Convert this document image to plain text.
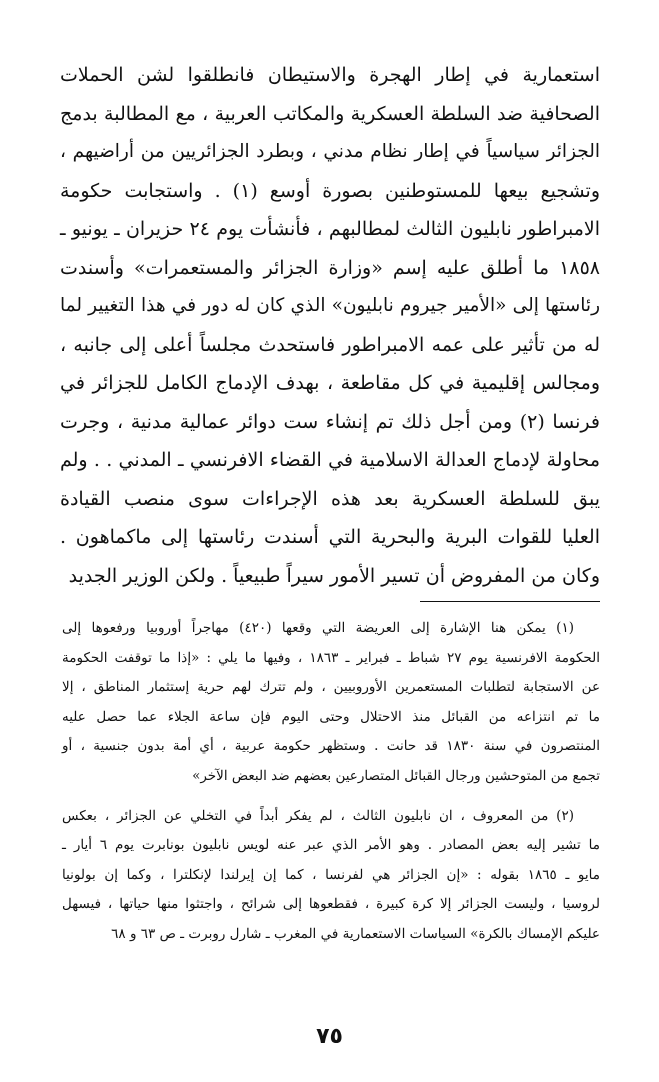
استعمارية في إطار الهجرة والاستيطان فانطلقوا لشن الحملات
الصحافية ضد السلطة العسكرية والمكاتب العربية ، مع المطالبة بدمج
الجزائر سياسياً في إطار نظام مدني ، وبطرد الجزائريين من أراضيهم ،
وتشجيع بيعها للمستوطنين بصورة أوسع (١) . واستجابت حكومة
الامبراطور نابليون الثالث لمطالبهم ، فأنشأت يوم ٢٤ حزيران ـ يونيو ـ
١٨٥٨ ما أطلق عليه إسم «وزارة الجزائر والمستعمرات» وأسندت
رئاستها إلى «الأمير جيروم نابليون» الذي كان له دور في هذا التغيير لما
له من تأثير على عمه الامبراطور فاستحدث مجلساً أعلى إلى جانبه ،
ومجالس إقليمية في كل مقاطعة ، بهدف الإدماج الكامل للجزائر في
فرنسا (٢) ومن أجل ذلك تم إنشاء ست دوائر عمالية مدنية ، وجرت
محاولة لإدماج العدالة الاسلامية في القضاء الافرنسي ـ المدني . . ولم
يبق للسلطة العسكرية بعد هذه الإجراءات سوى منصب القيادة
العليا للقوات البرية والبحرية التي أسندت رئاستها إلى ماكماهون .
وكان من المفروض أن تسير الأمور سيراً طبيعياً . ولكن الوزير الجديد
(١) يمكن هنا الإشارة إلى العريضة التي وقعها (٤٢٠) مهاجراً أوروبيا ورفعوها إلى
الحكومة الافرنسية يوم ٢٧ شباط ـ فبراير ـ ١٨٦٣ ، وفيها ما يلي : «إذا ما توقفت الحكومة
عن الاستجابة لتطلبات المستعمرين الأوروبيين ، ولم تترك لهم حرية إستثمار المناطق ، إلا
ما تم انتزاعه من القبائل منذ الاحتلال وحتى اليوم فإن ساعة الجلاء عما حصل عليه
المنتصرون في سنة ١٨٣٠ قد حانت . وستظهر حكومة عربية ، أي أمة بدون جنسية ، أو
تجمع من المتوحشين ورجال القبائل المتصارعين بعضهم ضد البعض الآخر»
(٢) من المعروف ، ان نابليون الثالث ، لم يفكر أبداً في التخلي عن الجزائر ، بعكس
ما تشير إليه بعض المصادر . وهو الأمر الذي عبر عنه لويس نابليون بونابرت يوم ٦ أيار ـ
مايو ـ ١٨٦٥ بقوله : «إن الجزائر هي لفرنسا ، كما إن إيرلندا لإنكلترا ، وكما إن بولونيا
لروسيا ، وليست الجزائر إلا كرة كبيرة ، فقطعوها إلى شرائح ، واجتثوا منها حياتها ، فيسهل
عليكم الإمساك بالكرة» السياسات الاستعمارية في المغرب ـ شارل روبرت ـ ص ٦٣ و ٦٨
٧٥
